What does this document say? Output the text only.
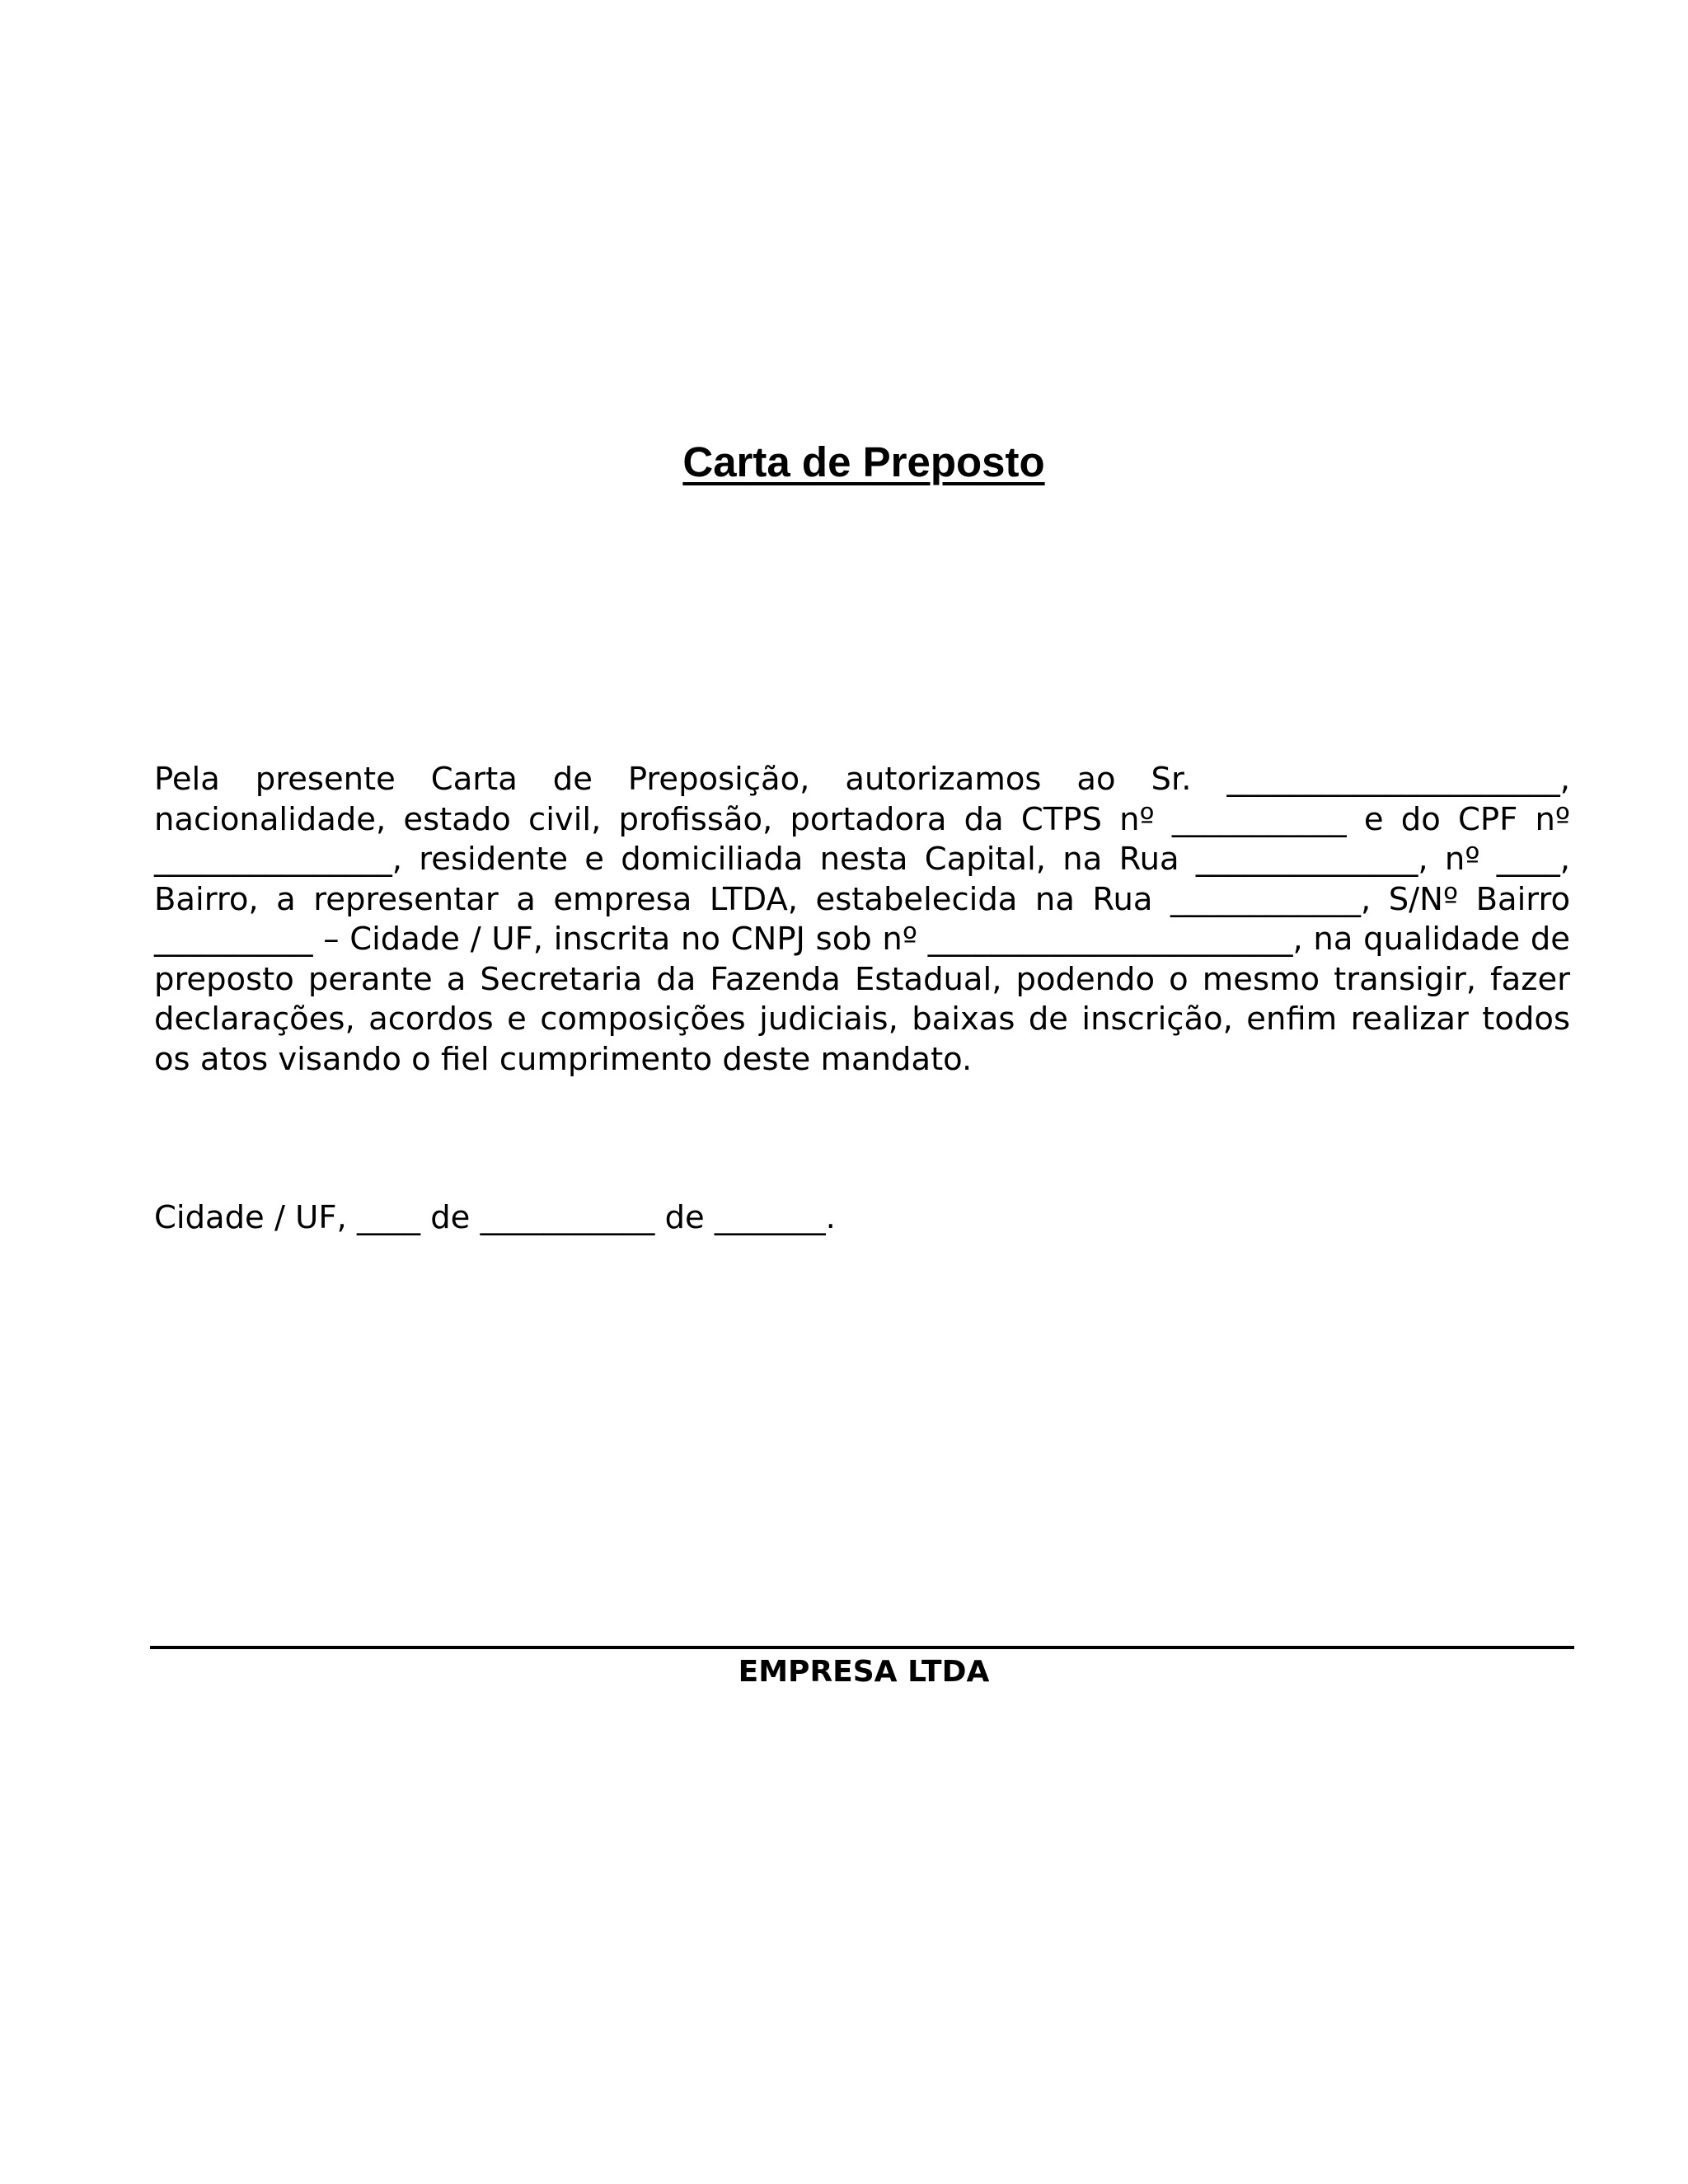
Carta de Preposto

Pela presente Carta de Preposição, autorizamos ao Sr. _____________________, nacionalidade, estado civil, profissão, portadora da CTPS nº ___________ e do CPF nº _______________, residente e domiciliada nesta Capital, na Rua ______________, nº ____, Bairro, a representar a empresa LTDA, estabelecida na Rua ____________, S/Nº Bairro __________ – Cidade / UF, inscrita no CNPJ sob nº _______________________, na qualidade de preposto perante a Secretaria da Fazenda Estadual, podendo o mesmo transigir, fazer declarações, acordos e composições judiciais, baixas de inscrição, enfim realizar todos os atos visando o fiel cumprimento deste mandato.

Cidade / UF, ____ de ___________ de _______.

EMPRESA LTDA
